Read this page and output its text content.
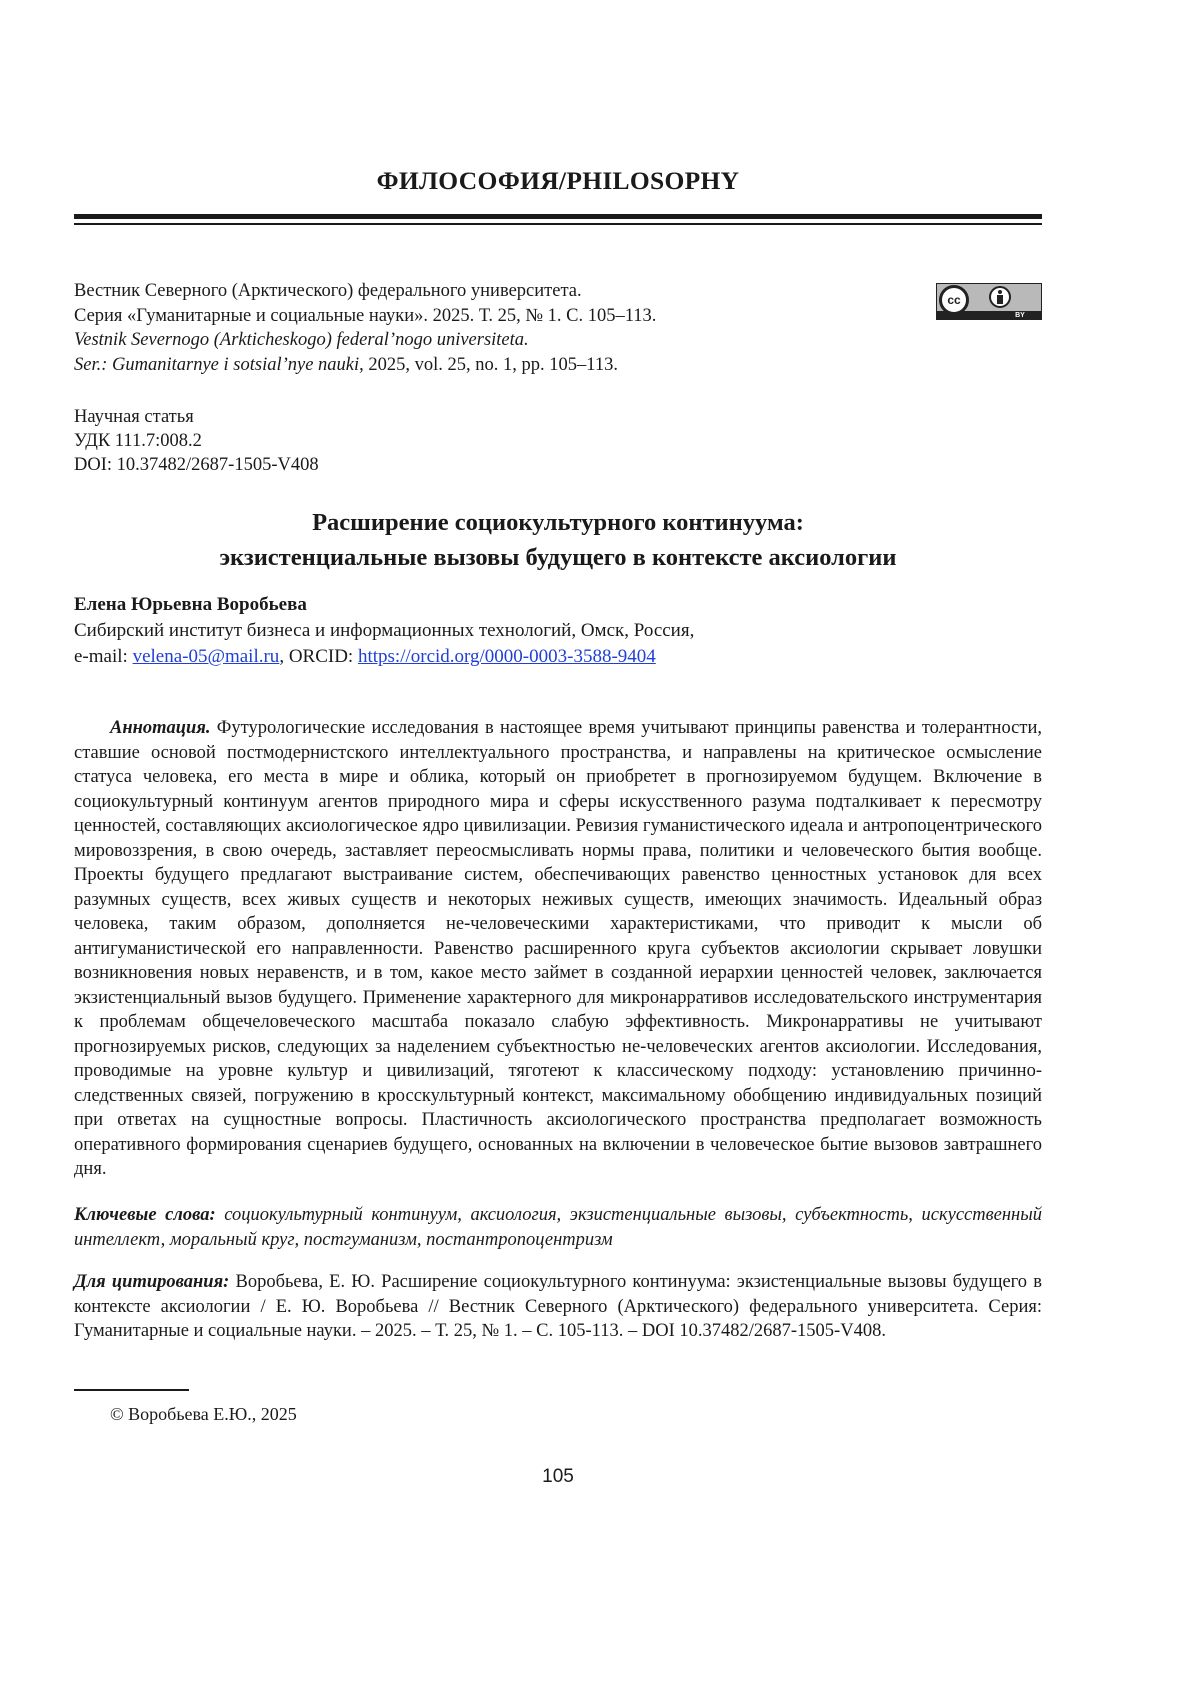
ФИЛОСОФИЯ/PHILOSOPHY
Вестник Северного (Арктического) федерального университета.
Серия «Гуманитарные и социальные науки». 2025. Т. 25, № 1. С. 105–113.
Vestnik Severnogo (Arkticheskogo) federal’nogo universiteta.
Ser.: Gumanitarnye i sotsial’nye nauki, 2025, vol. 25, no. 1, pp. 105–113.
cc
BY
Научная статья
УДК 111.7:008.2
DOI: 10.37482/2687-1505-V408
Расширение социокультурного континуума:
экзистенциальные вызовы будущего в контексте аксиологии
Елена Юрьевна Воробьева
Сибирский институт бизнеса и информационных технологий, Омск, Россия,
e-mail: velena-05@mail.ru, ORCID: https://orcid.org/0000-0003-3588-9404

Аннотация. Футурологические исследования в настоящее время учитывают принципы равенства и толерантности, ставшие основой постмодернистского интеллектуального пространства, и направлены на критическое осмысление статуса человека, его места в мире и облика, который он приобретет в прогнозируемом будущем. Включение в социокультурный континуум агентов природного мира и сферы искусственного разума подталкивает к пересмотру ценностей, составляющих аксиологическое ядро цивилизации. Ревизия гуманистического идеала и антропоцентрического мировоззрения, в свою очередь, заставляет переосмысливать нормы права, политики и человеческого бытия вообще. Проекты будущего предлагают выстраивание систем, обеспечивающих равенство ценностных установок для всех разумных существ, всех живых существ и некоторых неживых существ, имеющих значимость. Идеальный образ человека, таким образом, дополняется не-человеческими характеристиками, что приводит к мысли об антигуманистической его направленности. Равенство расширенного круга субъектов аксиологии скрывает ловушки возникновения новых неравенств, и в том, какое место займет в созданной иерархии ценностей человек, заключается экзистенциальный вызов будущего. Применение характерного для микронарративов исследовательского инструментария к проблемам общечеловеческого масштаба показало слабую эффективность. Микронарративы не учитывают прогнозируемых рисков, следующих за наделением субъектностью не-человеческих агентов аксиологии. Исследования, проводимые на уровне культур и цивилизаций, тяготеют к классическому подходу: установлению причинно-следственных связей, погружению в кросскультурный контекст, максимальному обобщению индивидуальных позиций при ответах на сущностные вопросы. Пластичность аксиологического пространства предполагает возможность оперативного формирования сценариев будущего, основанных на включении в человеческое бытие вызовов завтрашнего дня.

Ключевые слова: социокультурный континуум, аксиология, экзистенциальные вызовы, субъектность, искусственный интеллект, моральный круг, постгуманизм, постантропоцентризм

Для цитирования: Воробьева, Е. Ю. Расширение социокультурного континуума: экзистенциальные вызовы будущего в контексте аксиологии / Е. Ю. Воробьева // Вестник Северного (Арктического) федерального университета. Серия: Гуманитарные и социальные науки. – 2025. – Т. 25, № 1. – С. 105-113. – DOI 10.37482/2687-1505-V408.

© Воробьева Е.Ю., 2025

105
